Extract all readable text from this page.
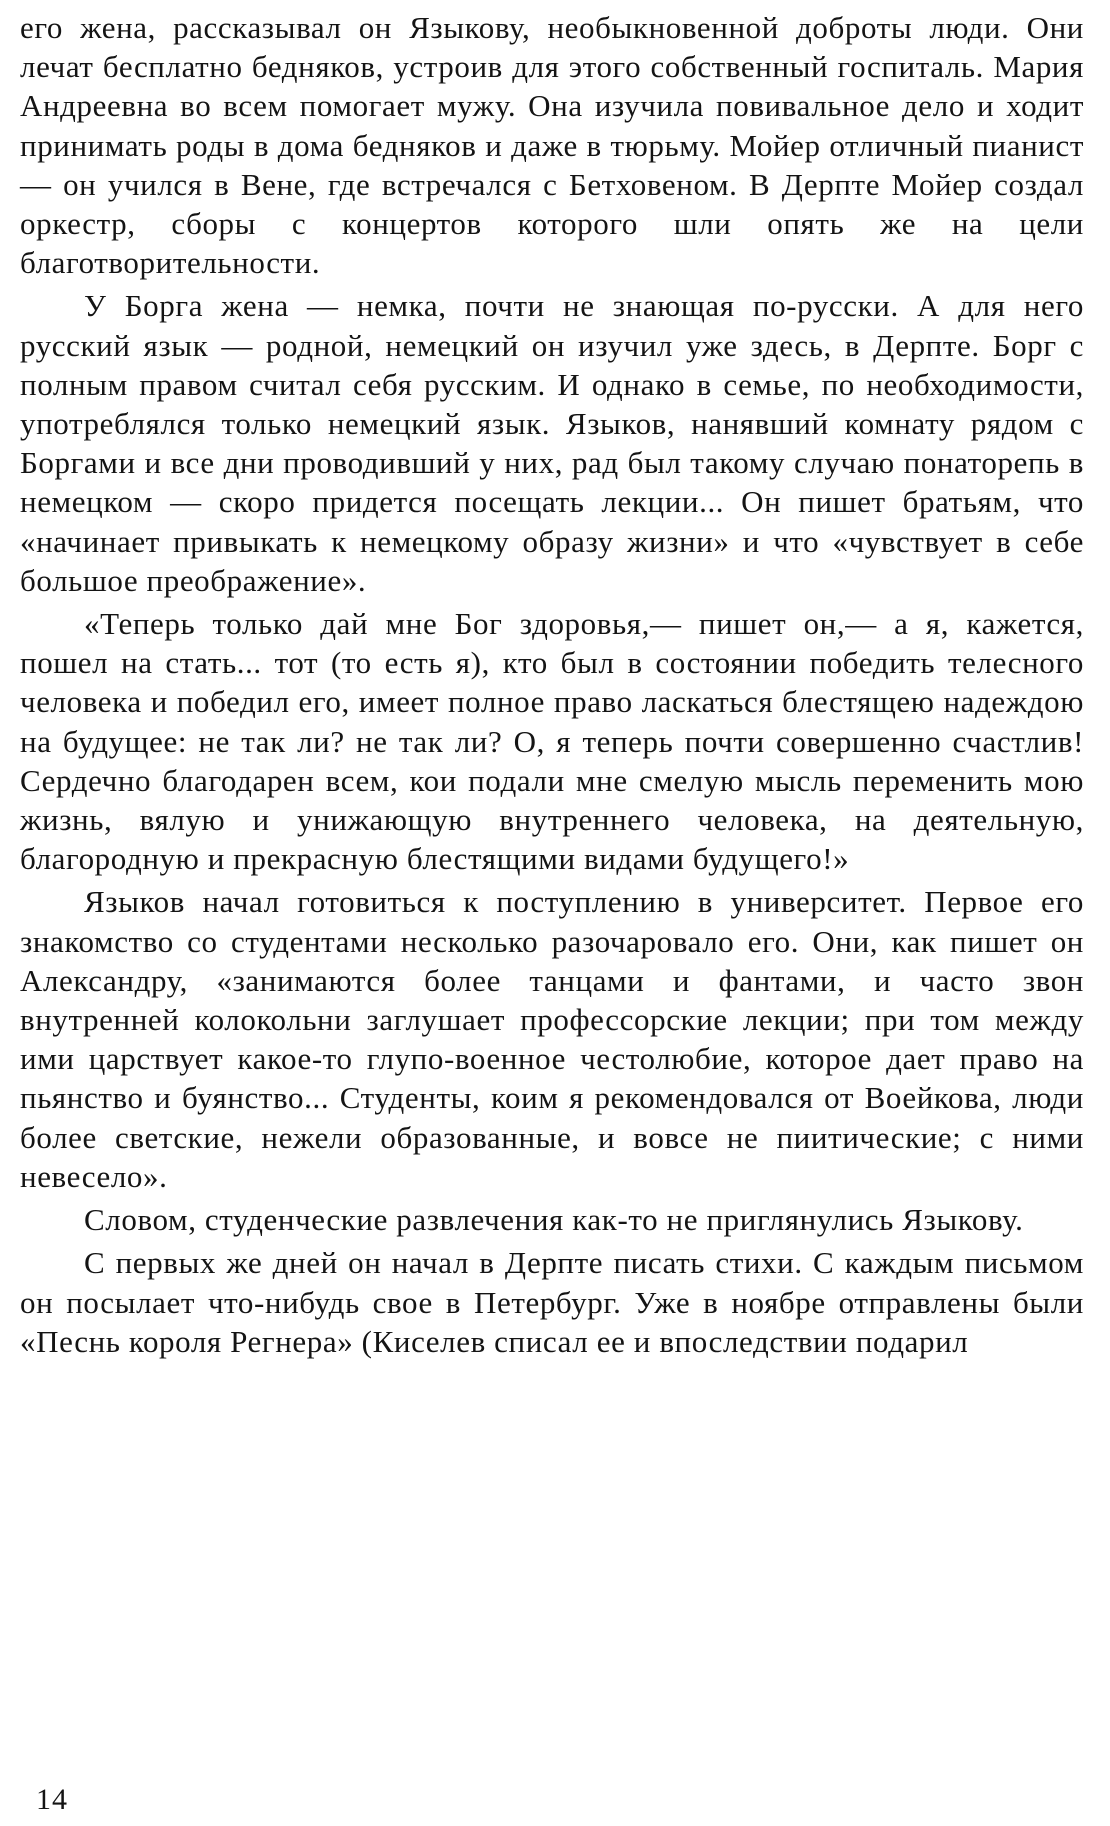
его жена, рассказывал он Языкову, необыкновенной доброты люди. Они лечат бесплатно бедняков, устроив для этого собственный госпиталь. Мария Андреевна во всем помогает мужу. Она изучила повивальное дело и ходит принимать роды в дома бедняков и даже в тюрьму. Мойер отличный пианист — он учился в Вене, где встречался с Бетховеном. В Дерпте Мойер создал оркестр, сборы с концертов которого шли опять же на цели благотворительности.

У Борга жена — немка, почти не знающая по-русски. А для него русский язык — родной, немецкий он изучил уже здесь, в Дерпте. Борг с полным правом считал себя русским. И однако в семье, по необходимости, употреблялся только немецкий язык. Языков, нанявший комнату рядом с Боргами и все дни проводивший у них, рад был такому случаю понаторепь в немецком — скоро придется посещать лекции... Он пишет братьям, что «начинает привыкать к немецкому образу жизни» и что «чувствует в себе большое преображение».

«Теперь только дай мне Бог здоровья,— пишет он,— а я, кажется, пошел на стать... тот (то есть я), кто был в состоянии победить телесного человека и победил его, имеет полное право ласкаться блестящею надеждою на будущее: не так ли? не так ли? О, я теперь почти совершенно счастлив! Сердечно благодарен всем, кои подали мне смелую мысль переменить мою жизнь, вялую и унижающую внутреннего человека, на деятельную, благородную и прекрасную блестящими видами будущего!»

Языков начал готовиться к поступлению в университет. Первое его знакомство со студентами несколько разочаровало его. Они, как пишет он Александру, «занимаются более танцами и фантами, и часто звон внутренней колокольни заглушает профессорские лекции; при том между ими царствует какое-то глупо-военное честолюбие, которое дает право на пьянство и буянство... Студенты, коим я рекомендовался от Воейкова, люди более светские, нежели образованные, и вовсе не пиитические; с ними невесело».

Словом, студенческие развлечения как-то не приглянулись Языкову.

С первых же дней он начал в Дерпте писать стихи. С каждым письмом он посылает что-нибудь свое в Петербург. Уже в ноябре отправлены были «Песнь короля Регнера» (Киселев списал ее и впоследствии подарил

14
